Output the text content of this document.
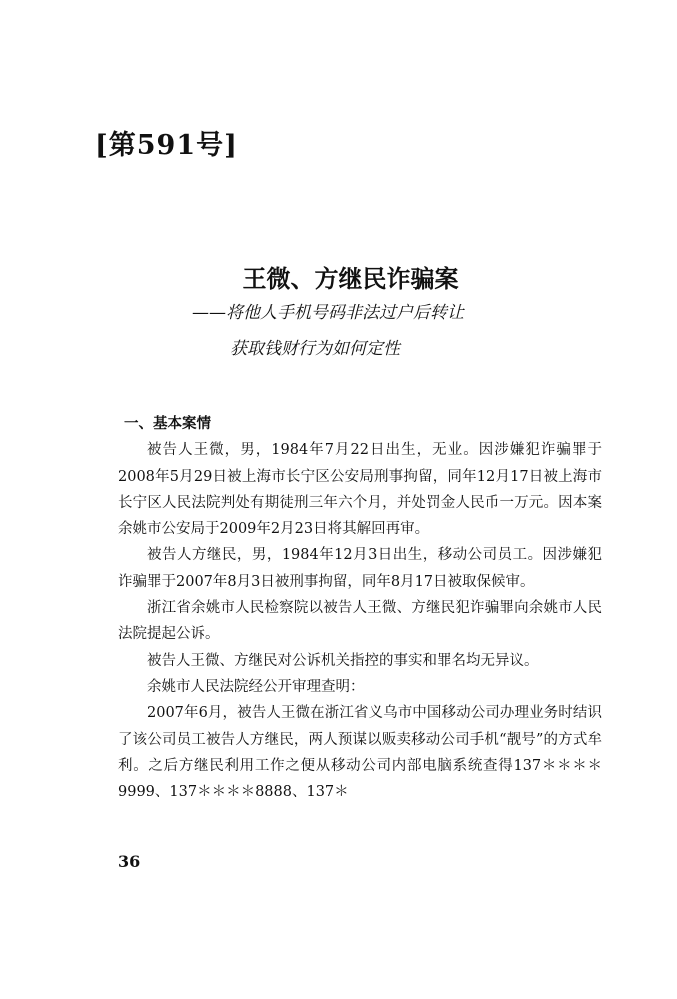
[第591号]
王微、方继民诈骗案
——将他人手机号码非法过户后转让
获取钱财行为如何定性
一、基本案情

被告人王微，男，1984年7月22日出生，无业。因涉嫌犯诈骗罪于2008年5月29日被上海市长宁区公安局刑事拘留，同年12月17日被上海市长宁区人民法院判处有期徒刑三年六个月，并处罚金人民币一万元。因本案余姚市公安局于2009年2月23日将其解回再审。

被告人方继民，男，1984年12月3日出生，移动公司员工。因涉嫌犯诈骗罪于2007年8月3日被刑事拘留，同年8月17日被取保候审。

浙江省余姚市人民检察院以被告人王微、方继民犯诈骗罪向余姚市人民法院提起公诉。

被告人王微、方继民对公诉机关指控的事实和罪名均无异议。

余姚市人民法院经公开审理查明：

2007年6月，被告人王微在浙江省义乌市中国移动公司办理业务时结识了该公司员工被告人方继民，两人预谋以贩卖移动公司手机“靓号”的方式牟利。之后方继民利用工作之便从移动公司内部电脑系统查得137＊＊＊＊9999、137＊＊＊＊8888、137＊

36
